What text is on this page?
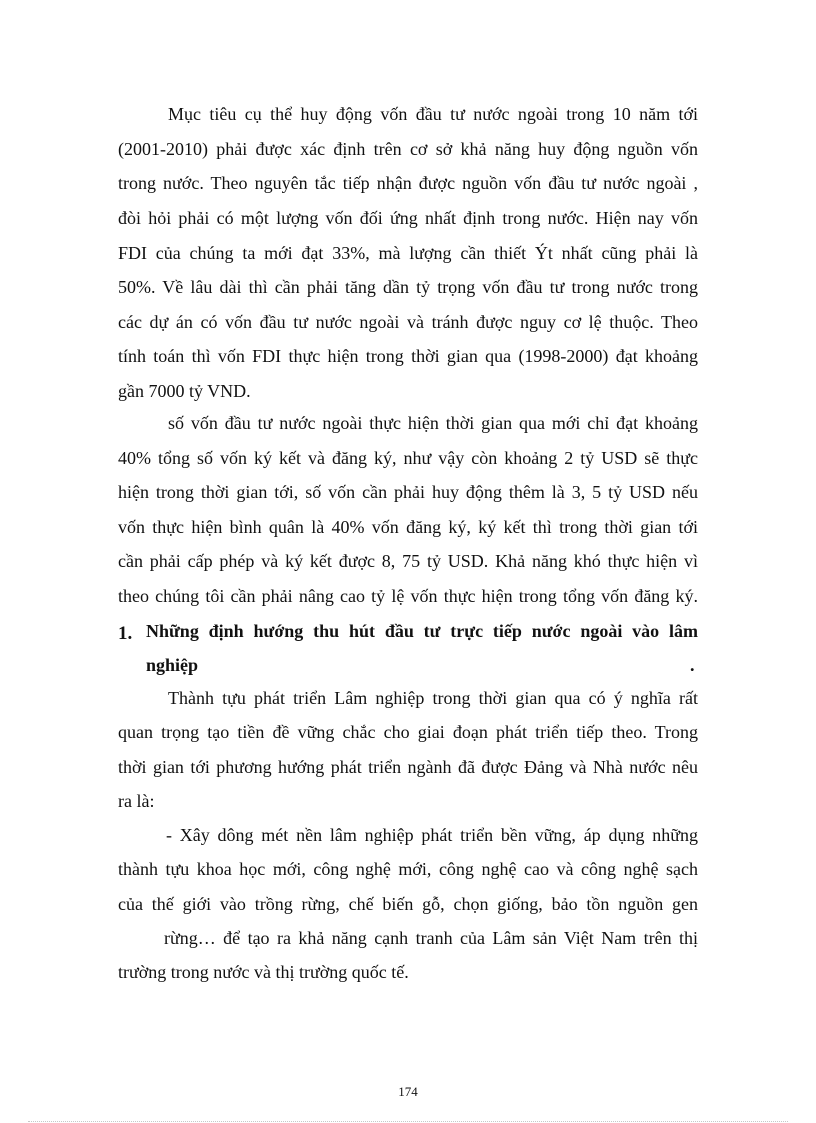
Mục tiêu cụ thể huy động vốn đầu tư nước ngoài trong 10 năm tới
(2001-2010) phải được xác định trên cơ sở khả năng huy động nguồn vốn
trong nước. Theo nguyên tắc tiếp nhận được nguồn vốn đầu tư nước ngoài ,
đòi hỏi phải có một lượng vốn đối ứng nhất định trong nước. Hiện nay vốn
FDI của chúng ta mới đạt 33%, mà lượng cần thiết Ýt nhất cũng phải là
50%. Về lâu dài thì cần phải tăng dần tỷ trọng vốn đầu tư trong nước trong
các dự án có vốn đầu tư nước ngoài và tránh được nguy cơ lệ thuộc. Theo
tính toán thì vốn FDI thực hiện trong thời gian qua (1998-2000) đạt khoảng
gần 7000 tỷ VND.
số vốn đầu tư nước ngoài thực hiện thời gian qua mới chỉ đạt khoảng
40% tổng số vốn ký kết và đăng ký, như vậy còn khoảng 2 tỷ USD sẽ thực
hiện trong thời gian tới, số vốn cần phải huy động thêm là 3, 5 tỷ USD nếu
vốn thực hiện bình quân là 40% vốn đăng ký, ký kết thì trong thời gian tới
cần phải cấp phép và ký kết được 8, 75 tỷ USD. Khả năng khó thực hiện vì
theo chúng tôi cần phải nâng cao tỷ lệ vốn thực hiện trong tổng vốn đăng ký.
1. Những định hướng thu hút đầu tư trực tiếp nước ngoài vào lâm
nghiệp	.
Thành tựu phát triển Lâm nghiệp trong thời gian qua có ý nghĩa rất
quan trọng tạo tiền đề vững chắc cho giai đoạn phát triển tiếp theo. Trong
thời gian tới phương hướng phát triển ngành đã được Đảng và Nhà nước nêu
ra là:
- Xây dông mét nền lâm nghiệp phát triển bền vững, áp dụng những
thành tựu khoa học mới, công nghệ mới, công nghệ cao và công nghệ sạch
của thế giới vào trồng rừng, chế biến gỗ, chọn giống, bảo tồn nguồn gen
rừng… để tạo ra khả năng cạnh tranh của Lâm sản Việt Nam trên thị
trường trong nước và thị trường quốc tế.
174
